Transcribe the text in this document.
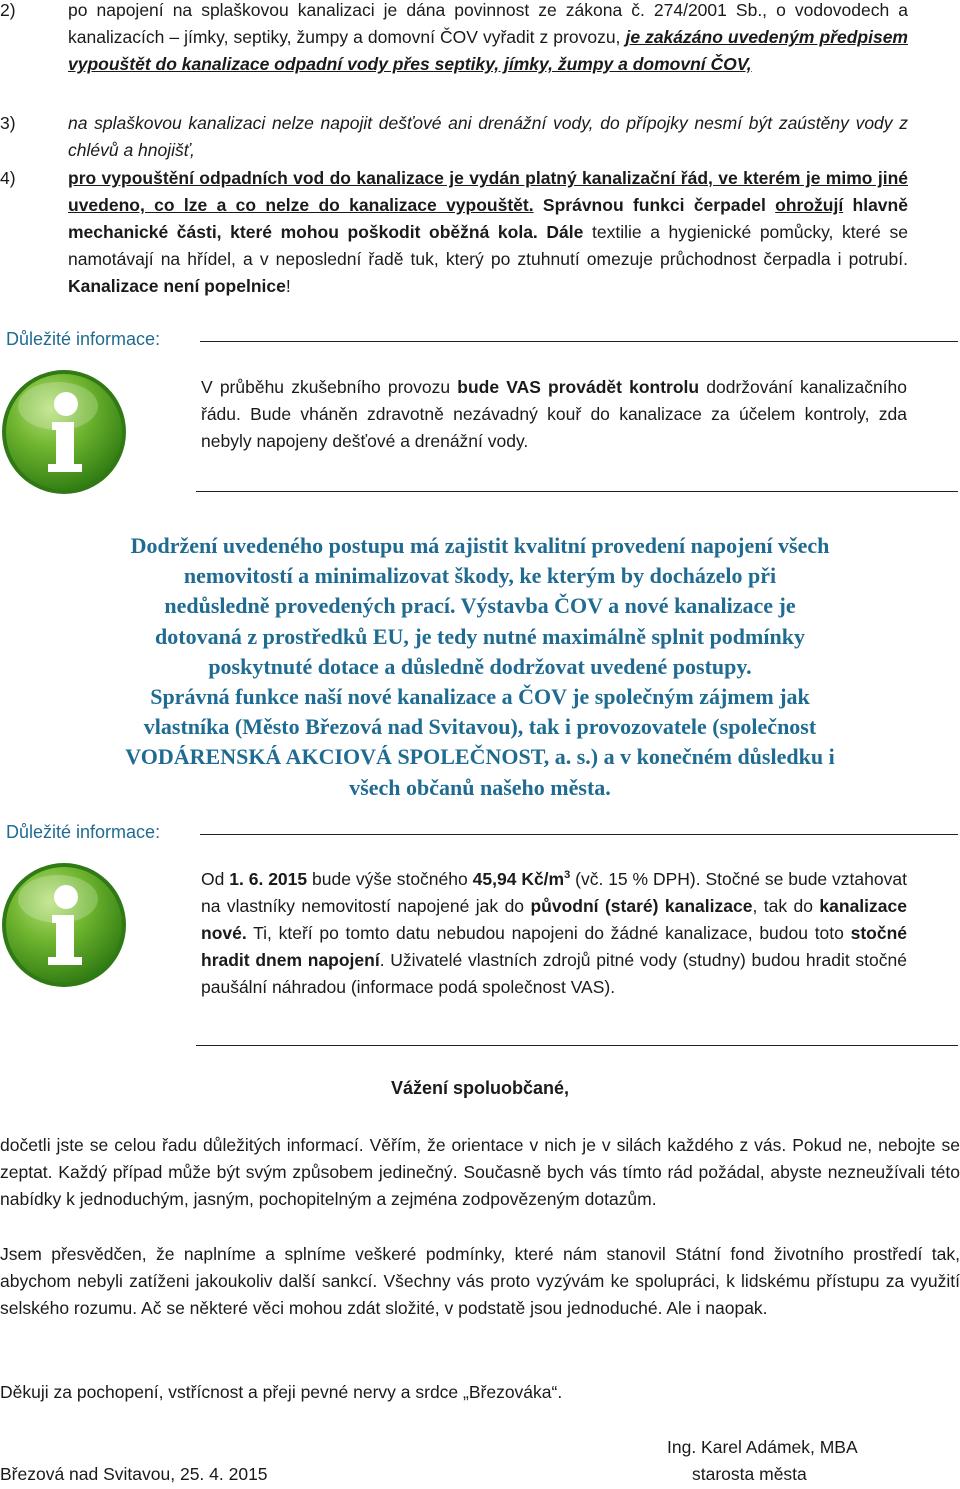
2)	po napojení na splaškovou kanalizaci je dána povinnost ze zákona č. 274/2001 Sb., o vodovodech a kanalizacích – jímky, septiky, žumpy a domovní ČOV vyřadit z provozu, je zakázáno uvedeným předpisem vypouštět do kanalizace odpadní vody přes septiky, jímky, žumpy a domovní ČOV,
3)	na splaškovou kanalizaci nelze napojit dešťové ani drenážní vody, do přípojky nesmí být zaústěny vody z chlévů a hnojišť,
4)	pro vypouštění odpadních vod do kanalizace je vydán platný kanalizační řád, ve kterém je mimo jiné uvedeno, co lze a co nelze do kanalizace vypouštět. Správnou funkci čerpadel ohrožují hlavně mechanické části, které mohou poškodit oběžná kola. Dále textilie a hygienické pomůcky, které se namotávají na hřídel, a v neposlední řadě tuk, který po ztuhnutí omezuje průchodnost čerpadla i potrubí. Kanalizace není popelnice!
Důležité informace:
V průběhu zkušebního provozu bude VAS provádět kontrolu dodržování kanalizačního řádu. Bude vháněn zdravotně nezávadný kouř do kanalizace za účelem kontroly, zda nebyly napojeny dešťové a drenážní vody.
Dodržení uvedeného postupu má zajistit kvalitní provedení napojení všech
nemovitostí a minimalizovat škody, ke kterým by docházelo při
nedůsledně provedených prací. Výstavba ČOV a nové kanalizace je
dotovaná z prostředků EU, je tedy nutné maximálně splnit podmínky
poskytnuté dotace a důsledně dodržovat uvedené postupy.
Správná funkce naší nové kanalizace a ČOV je společným zájmem jak
vlastníka (Město Březová nad Svitavou), tak i provozovatele (společnost
VODÁRENSKÁ AKCIOVÁ SPOLEČNOST, a. s.) a v konečném důsledku i
všech občanů našeho města.
Důležité informace:
Od 1. 6. 2015 bude výše stočného 45,94 $Kč/m^3$ (vč. 15 % DPH). Stočné se bude vztahovat na vlastníky nemovitostí napojené jak do původní (staré) kanalizace, tak do kanalizace nové. Ti, kteří po tomto datu nebudou napojeni do žádné kanalizace, budou toto stočné hradit dnem napojení. Uživatelé vlastních zdrojů pitné vody (studny) budou hradit stočné paušální náhradou (informace podá společnost VAS).
Vážení spoluobčané,
dočetli jste se celou řadu důležitých informací. Věřím, že orientace v nich je v silách každého z vás. Pokud ne, nebojte se zeptat. Každý případ může být svým způsobem jedinečný. Současně bych vás tímto rád požádal, abyste nezneužívali této nabídky k jednoduchým, jasným, pochopitelným a zejména zodpovězeným dotazům.
Jsem přesvědčen, že naplníme a splníme veškeré podmínky, které nám stanovil Státní fond životního prostředí tak, abychom nebyli zatíženi jakoukoliv další sankcí. Všechny vás proto vyzývám ke spolupráci, k lidskému přístupu za využití selského rozumu. Ač se některé věci mohou zdát složité, v podstatě jsou jednoduché. Ale i naopak.
Děkuji za pochopení, vstřícnost a přeji pevné nervy a srdce „Březováka“.
Ing. Karel Adámek, MBA
Březová nad Svitavou, 25. 4. 2015	starosta města
